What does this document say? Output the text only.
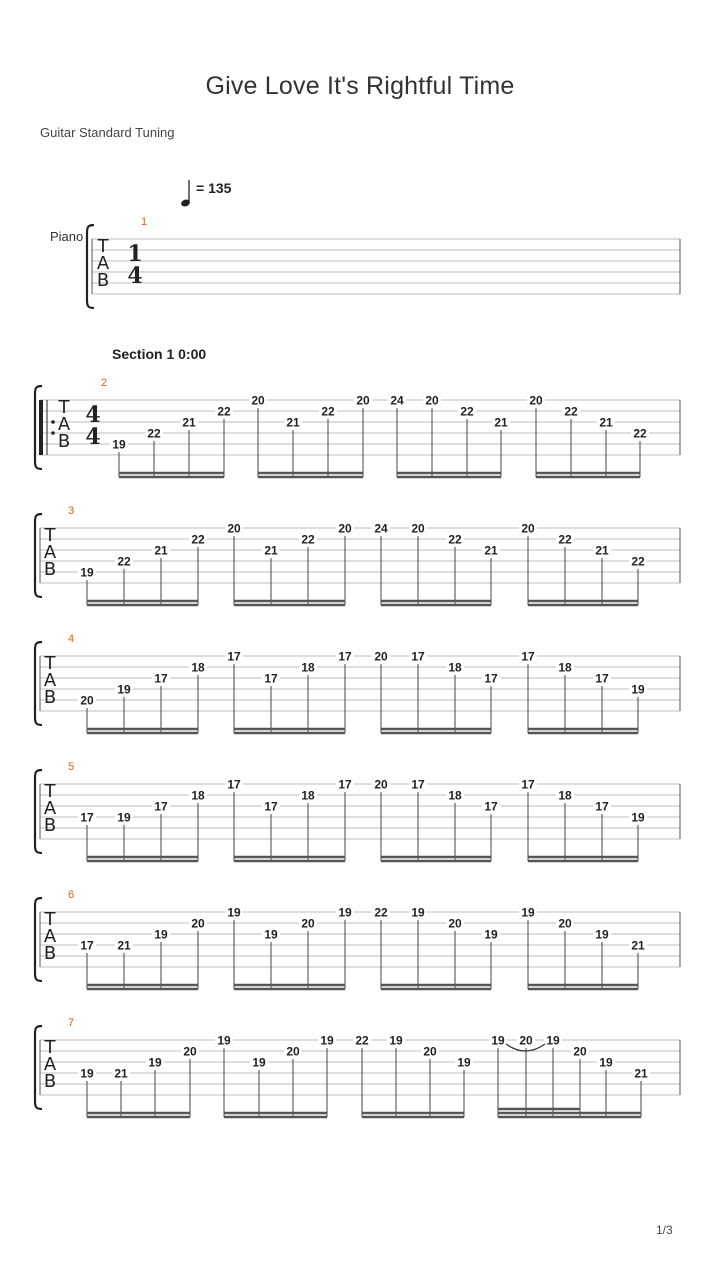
Give Love It's Rightful Time
Guitar Standard Tuning
= 135
Piano
Section 1 0:00
T
A
B
1
1
4
T
A
B
2
4
4 19
22
21
22
20
21
22
20 24 20
22
21
20
22
21
22
T
A
B
3
19
22
21
22
20
21
22
20 24 20
22
21
20
22
21
22
T
A
B
4
20
19
17
18
17
17
18
17 20 17
18
17
17
18
17
19
T
A
B
5
17 19
17
18
17
17
18
17 20 17
18
17
17
18
17
19
T
A
B
6
17 21
19
20
19
19
20
19 22 19
20
19
19
20
19
21
T
A
B
7
19 21
19
20
19
19
20
19 22 19
20
19
19 20 19
20
19
21
1/3
